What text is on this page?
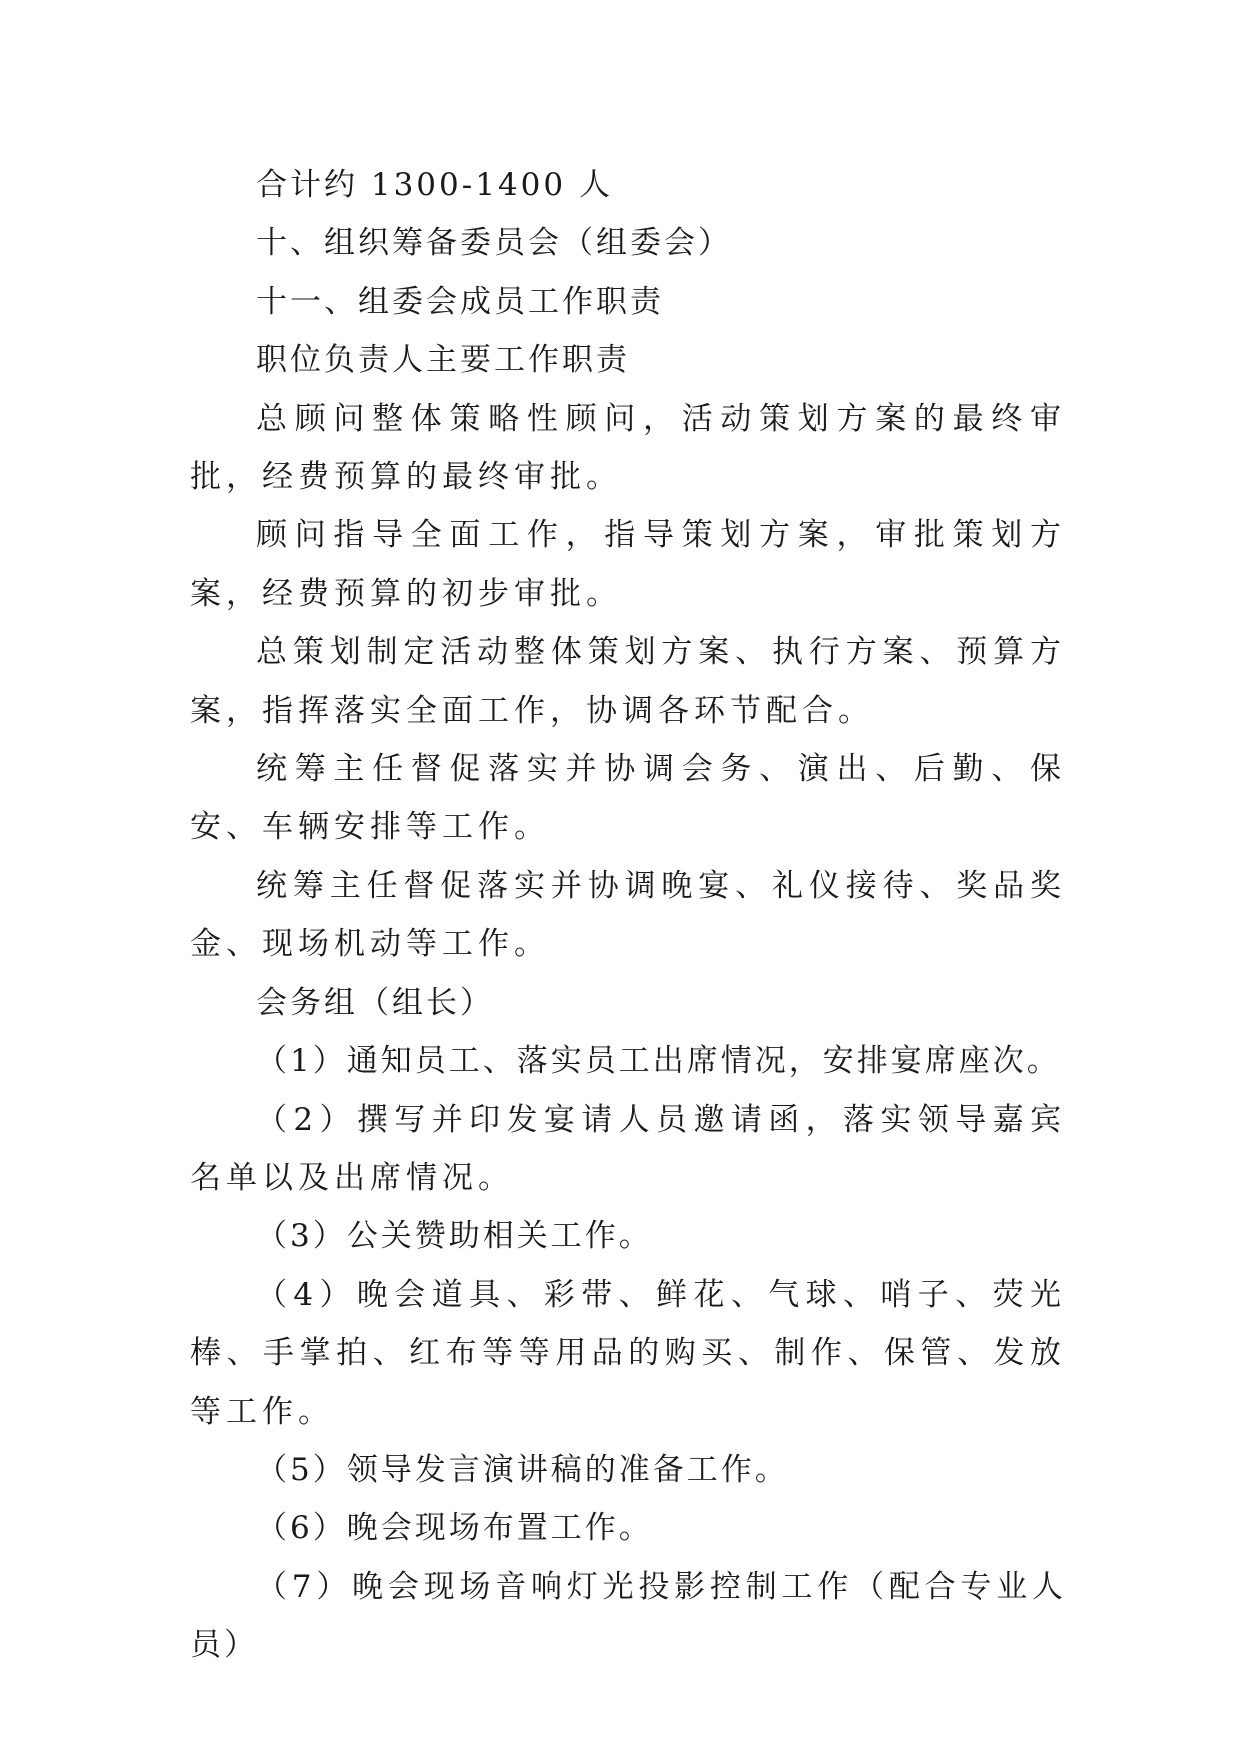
合计约 1300-1400 人

十、组织筹备委员会（组委会）

十一、组委会成员工作职责

职位负责人主要工作职责

总顾问整体策略性顾问，活动策划方案的最终审批，经费预算的最终审批。

顾问指导全面工作，指导策划方案，审批策划方案，经费预算的初步审批。

总策划制定活动整体策划方案、执行方案、预算方案，指挥落实全面工作，协调各环节配合。

统筹主任督促落实并协调会务、演出、后勤、保安、车辆安排等工作。

统筹主任督促落实并协调晚宴、礼仪接待、奖品奖金、现场机动等工作。

会务组（组长）

（1）通知员工、落实员工出席情况，安排宴席座次。

（2）撰写并印发宴请人员邀请函，落实领导嘉宾名单以及出席情况。

（3）公关赞助相关工作。

（4）晚会道具、彩带、鲜花、气球、哨子、荧光棒、手掌拍、红布等等用品的购买、制作、保管、发放等工作。

（5）领导发言演讲稿的准备工作。

（6）晚会现场布置工作。

（7）晚会现场音响灯光投影控制工作（配合专业人员）
